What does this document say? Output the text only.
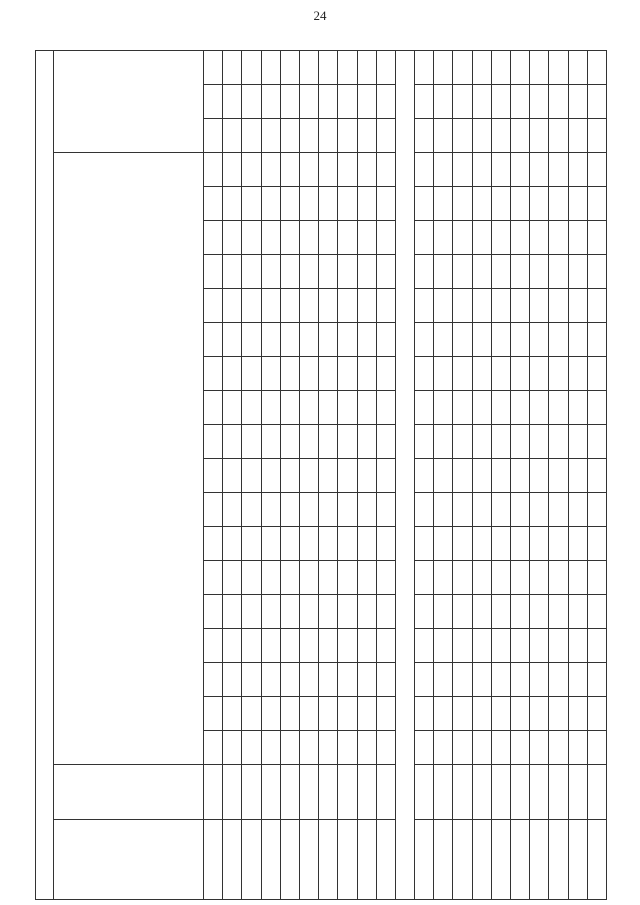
24
